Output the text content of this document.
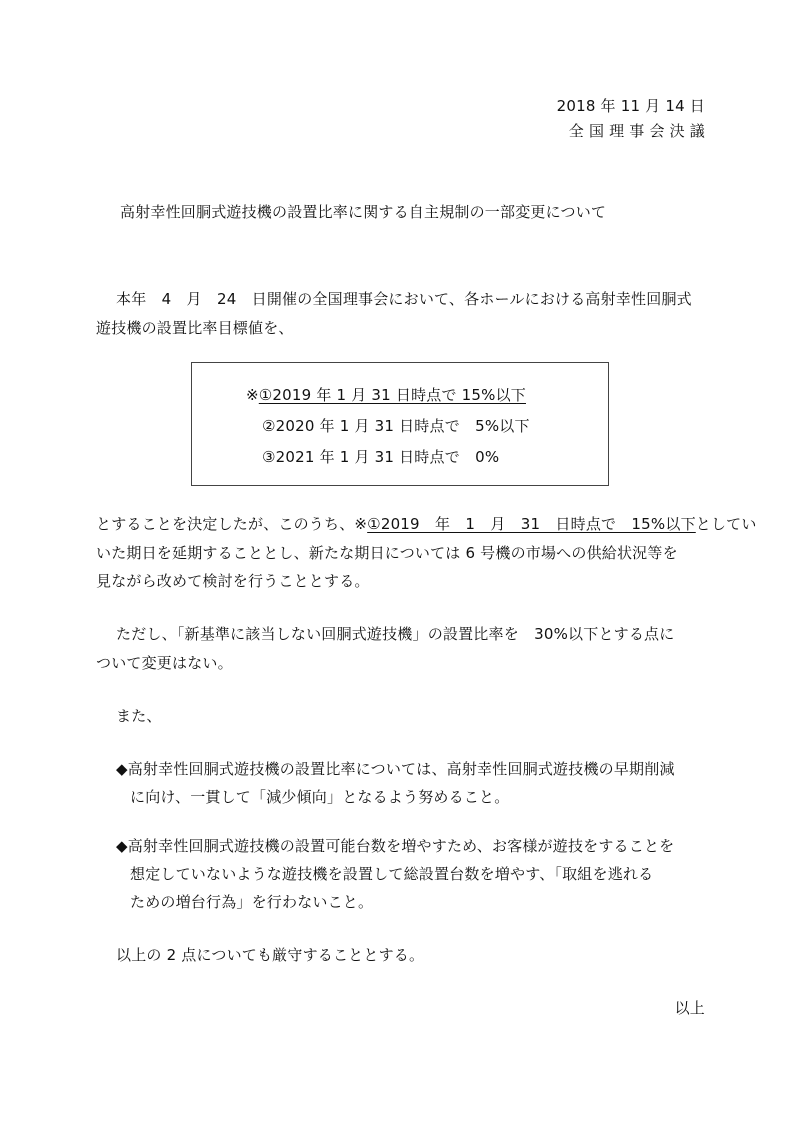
2018 年 11 月 14 日
全 国 理 事 会 決 議
高射幸性回胴式遊技機の設置比率に関する自主規制の一部変更について
本年　4　月　24　日開催の全国理事会において、各ホールにおける高射幸性回胴式
遊技機の設置比率目標値を、
※①2019 年 1 月 31 日時点で 15%以下
②2020 年 1 月 31 日時点で　5%以下
③2021 年 1 月 31 日時点で　0%
とすることを決定したが、このうち、※①2019　年　1　月　31　日時点で　15%以下としてい
いた期日を延期することとし、新たな期日については 6 号機の市場への供給状況等を
見ながら改めて検討を行うこととする。
ただし、「新基準に該当しない回胴式遊技機」の設置比率を　30%以下とする点に
ついて変更はない。
また、
◆高射幸性回胴式遊技機の設置比率については、高射幸性回胴式遊技機の早期削減
に向け、一貫して「減少傾向」となるよう努めること。
◆高射幸性回胴式遊技機の設置可能台数を増やすため、お客様が遊技をすることを
想定していないような遊技機を設置して総設置台数を増やす、「取組を逃れる
ための増台行為」を行わないこと。
以上の 2 点についても厳守することとする。
以上
